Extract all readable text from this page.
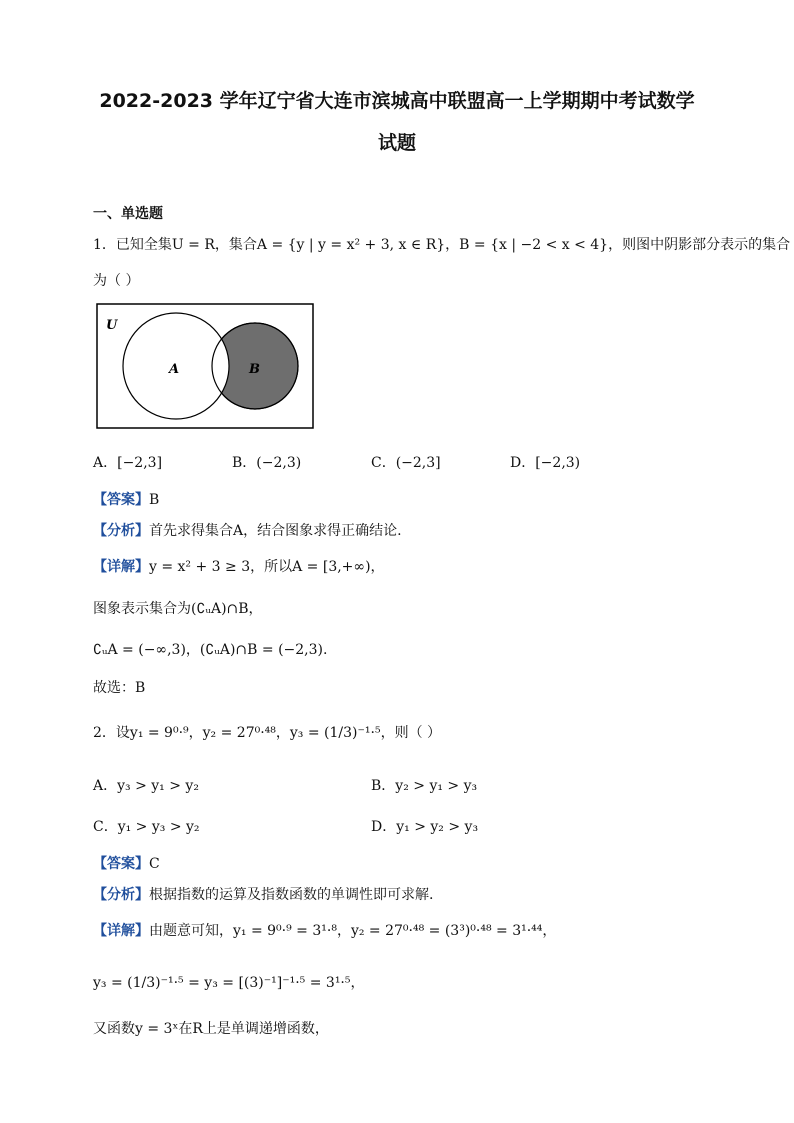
2022-2023 学年辽宁省大连市滨城高中联盟高一上学期期中考试数学
试题
一、单选题
1．已知全集U = R，集合A = {y | y = x² + 3, x ∈ R}，B = {x | −2 < x < 4}，则图中阴影部分表示的集合
为（ ）
U
A	B
A．[−2,3]	B．(−2,3)	C．(−2,3]	D．[−2,3)
【答案】B
【分析】首先求得集合A，结合图象求得正确结论.
【详解】y = x² + 3 ≥ 3，所以A = [3,+∞)，
图象表示集合为(∁ᵤA)∩B，
∁ᵤA = (−∞,3)，(∁ᵤA)∩B = (−2,3).
故选：B
2．设y₁ = 9⁰·⁹，y₂ = 27⁰·⁴⁸，y₃ = (1/3)⁻¹·⁵，则（ ）
A．y₃ > y₁ > y₂	B．y₂ > y₁ > y₃
C．y₁ > y₃ > y₂	D．y₁ > y₂ > y₃
【答案】C
【分析】根据指数的运算及指数函数的单调性即可求解.
【详解】由题意可知，y₁ = 9⁰·⁹ = 3¹·⁸，y₂ = 27⁰·⁴⁸ = (3³)⁰·⁴⁸ = 3¹·⁴⁴，
y₃ = (1/3)⁻¹·⁵ = y₃ = [(3)⁻¹]⁻¹·⁵ = 3¹·⁵，
又函数y = 3ˣ在R上是单调递增函数，
